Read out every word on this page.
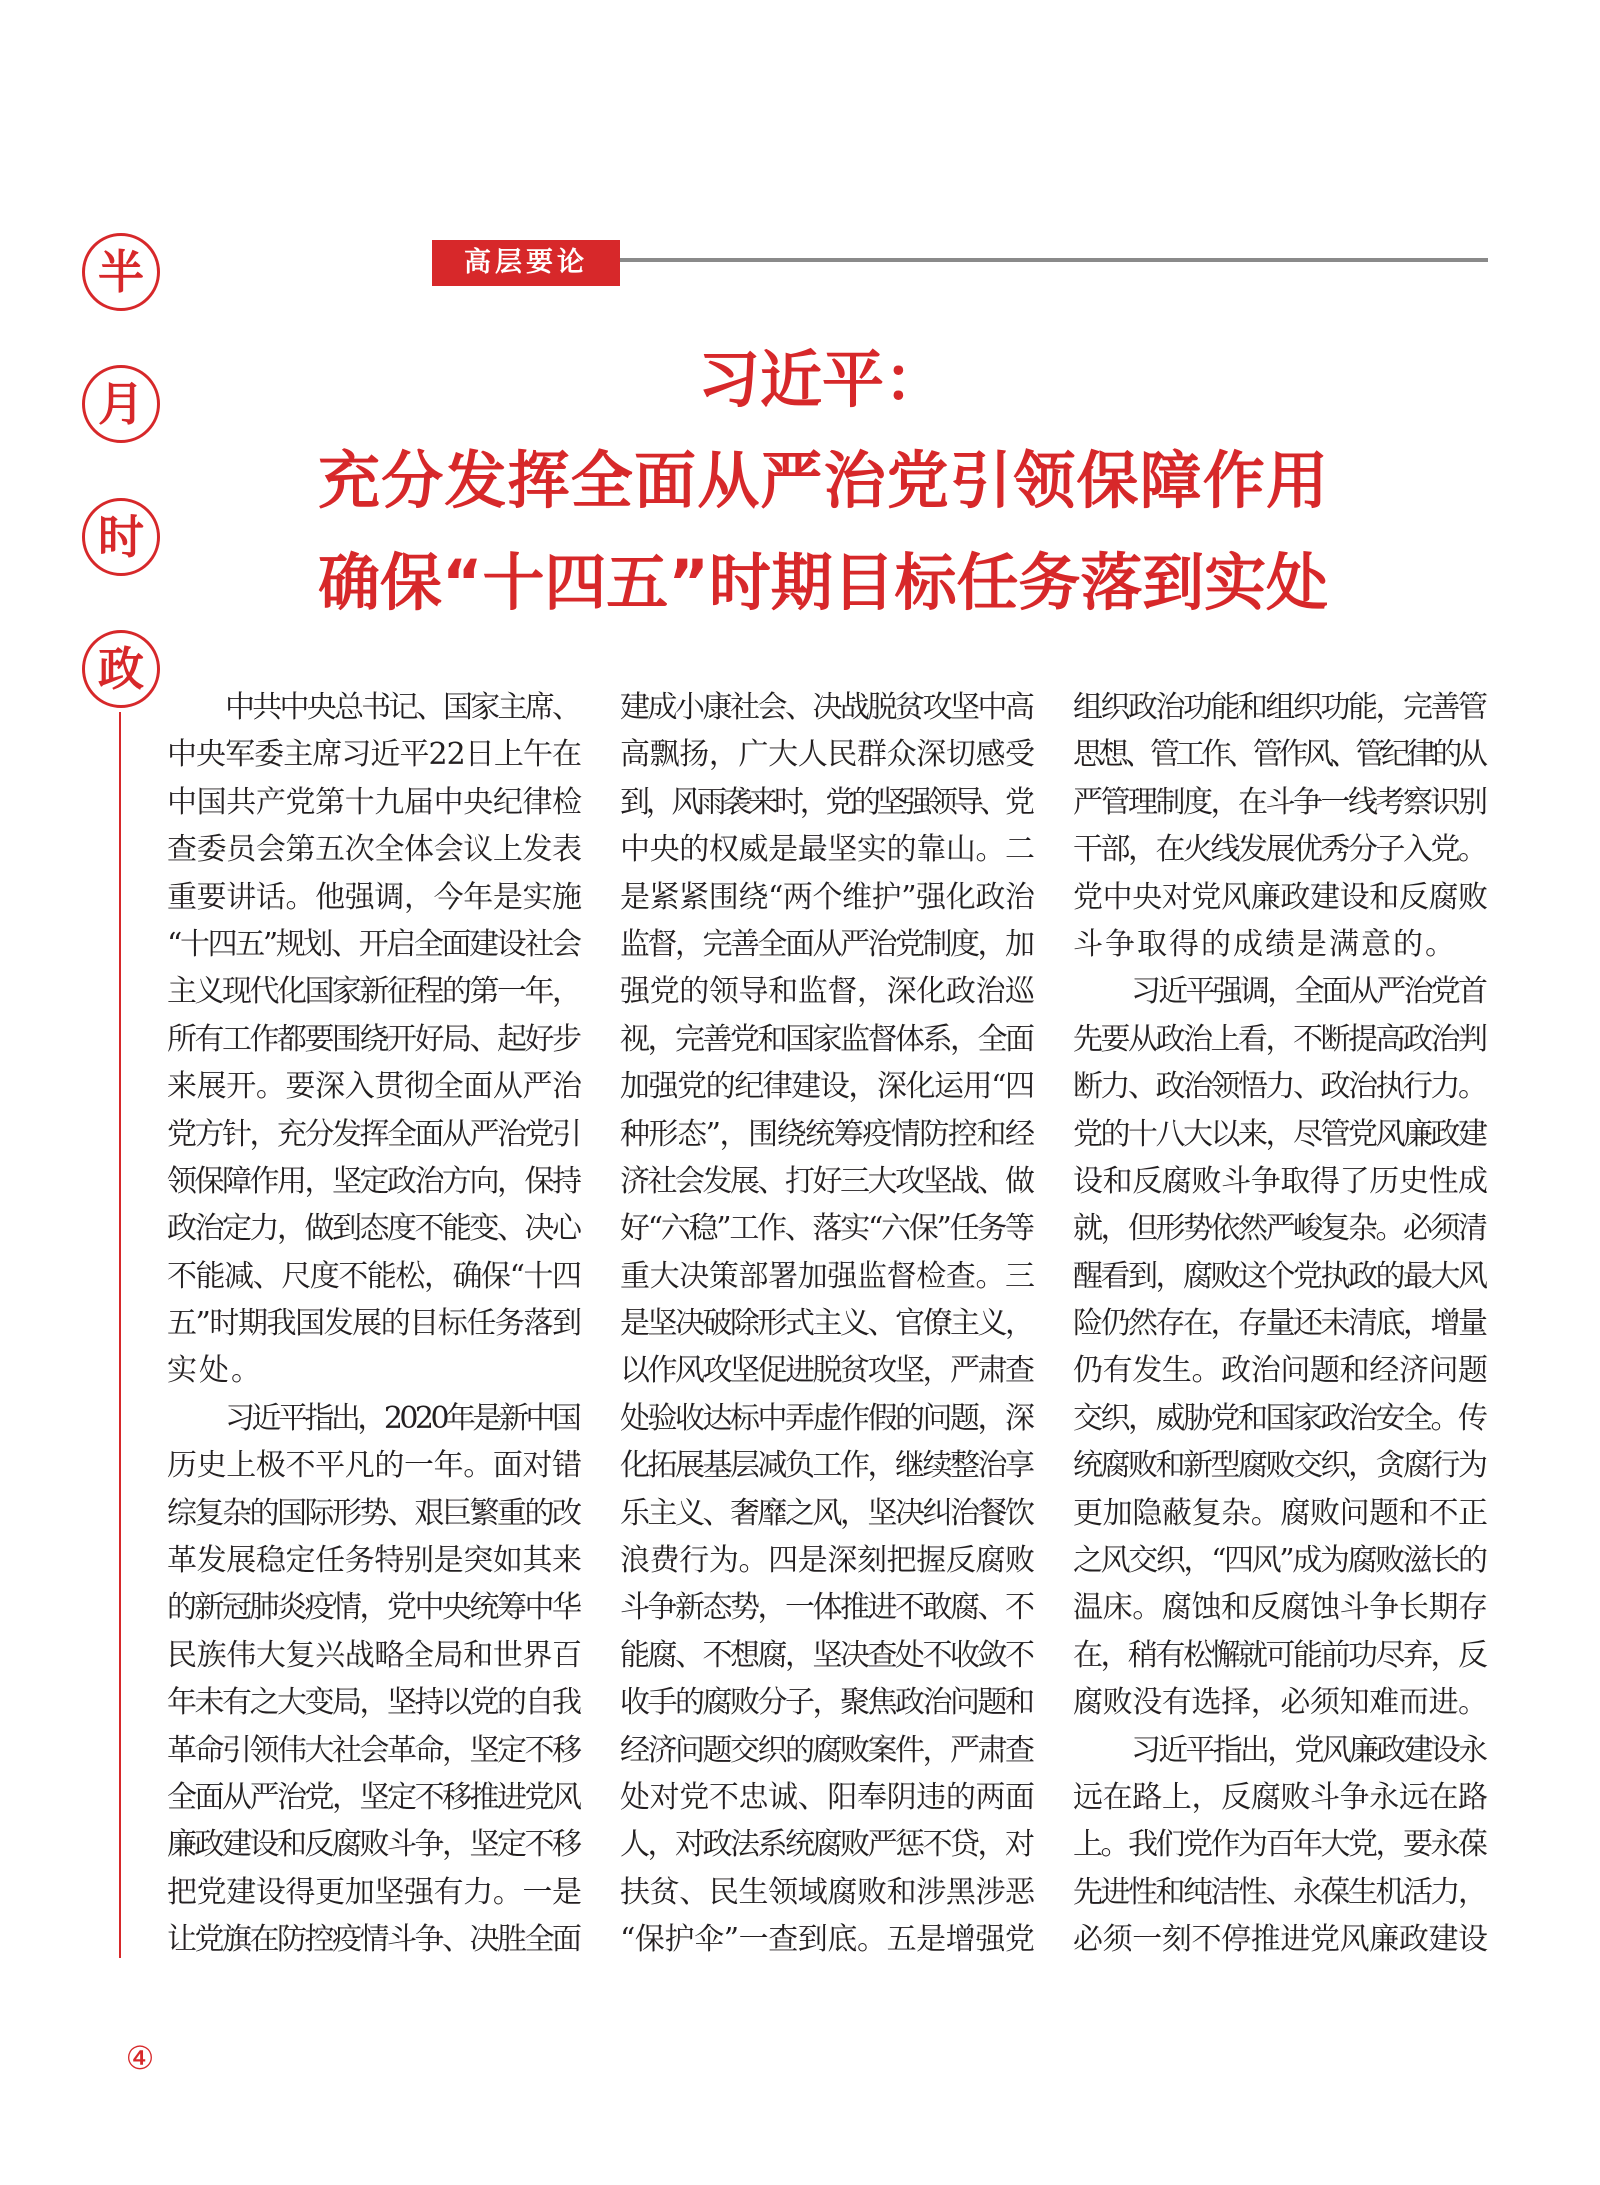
半
月
时
政
高层要论
习近平：
充分发挥全面从严治党引领保障作用
确保“十四五”时期目标任务落到实处
中共中央总书记、国家主席、
中央军委主席习近平22日上午在
中国共产党第十九届中央纪律检
查委员会第五次全体会议上发表
重要讲话。他强调，今年是实施
“十四五”规划、开启全面建设社会
主义现代化国家新征程的第一年，
所有工作都要围绕开好局、起好步
来展开。要深入贯彻全面从严治
党方针，充分发挥全面从严治党引
领保障作用，坚定政治方向，保持
政治定力，做到态度不能变、决心
不能减、尺度不能松，确保“十四
五”时期我国发展的目标任务落到
实处。
习近平指出，2020年是新中国
历史上极不平凡的一年。面对错
综复杂的国际形势、艰巨繁重的改
革发展稳定任务特别是突如其来
的新冠肺炎疫情，党中央统筹中华
民族伟大复兴战略全局和世界百
年未有之大变局，坚持以党的自我
革命引领伟大社会革命，坚定不移
全面从严治党，坚定不移推进党风
廉政建设和反腐败斗争，坚定不移
把党建设得更加坚强有力。一是
让党旗在防控疫情斗争、决胜全面
建成小康社会、决战脱贫攻坚中高
高飘扬，广大人民群众深切感受
到，风雨袭来时，党的坚强领导、党
中央的权威是最坚实的靠山。二
是紧紧围绕“两个维护”强化政治
监督，完善全面从严治党制度，加
强党的领导和监督，深化政治巡
视，完善党和国家监督体系，全面
加强党的纪律建设，深化运用“四
种形态”，围绕统筹疫情防控和经
济社会发展、打好三大攻坚战、做
好“六稳”工作、落实“六保”任务等
重大决策部署加强监督检查。三
是坚决破除形式主义、官僚主义，
以作风攻坚促进脱贫攻坚，严肃查
处验收达标中弄虚作假的问题，深
化拓展基层减负工作，继续整治享
乐主义、奢靡之风，坚决纠治餐饮
浪费行为。四是深刻把握反腐败
斗争新态势，一体推进不敢腐、不
能腐、不想腐，坚决查处不收敛不
收手的腐败分子，聚焦政治问题和
经济问题交织的腐败案件，严肃查
处对党不忠诚、阳奉阴违的两面
人，对政法系统腐败严惩不贷，对
扶贫、民生领域腐败和涉黑涉恶
“保护伞”一查到底。五是增强党
组织政治功能和组织功能，完善管
思想、管工作、管作风、管纪律的从
严管理制度，在斗争一线考察识别
干部，在火线发展优秀分子入党。
党中央对党风廉政建设和反腐败
斗争取得的成绩是满意的。
习近平强调，全面从严治党首
先要从政治上看，不断提高政治判
断力、政治领悟力、政治执行力。
党的十八大以来，尽管党风廉政建
设和反腐败斗争取得了历史性成
就，但形势依然严峻复杂。必须清
醒看到，腐败这个党执政的最大风
险仍然存在，存量还未清底，增量
仍有发生。政治问题和经济问题
交织，威胁党和国家政治安全。传
统腐败和新型腐败交织，贪腐行为
更加隐蔽复杂。腐败问题和不正
之风交织，“四风”成为腐败滋长的
温床。腐蚀和反腐蚀斗争长期存
在，稍有松懈就可能前功尽弃，反
腐败没有选择，必须知难而进。
习近平指出，党风廉政建设永
远在路上，反腐败斗争永远在路
上。我们党作为百年大党，要永葆
先进性和纯洁性、永葆生机活力，
必须一刻不停推进党风廉政建设
④
